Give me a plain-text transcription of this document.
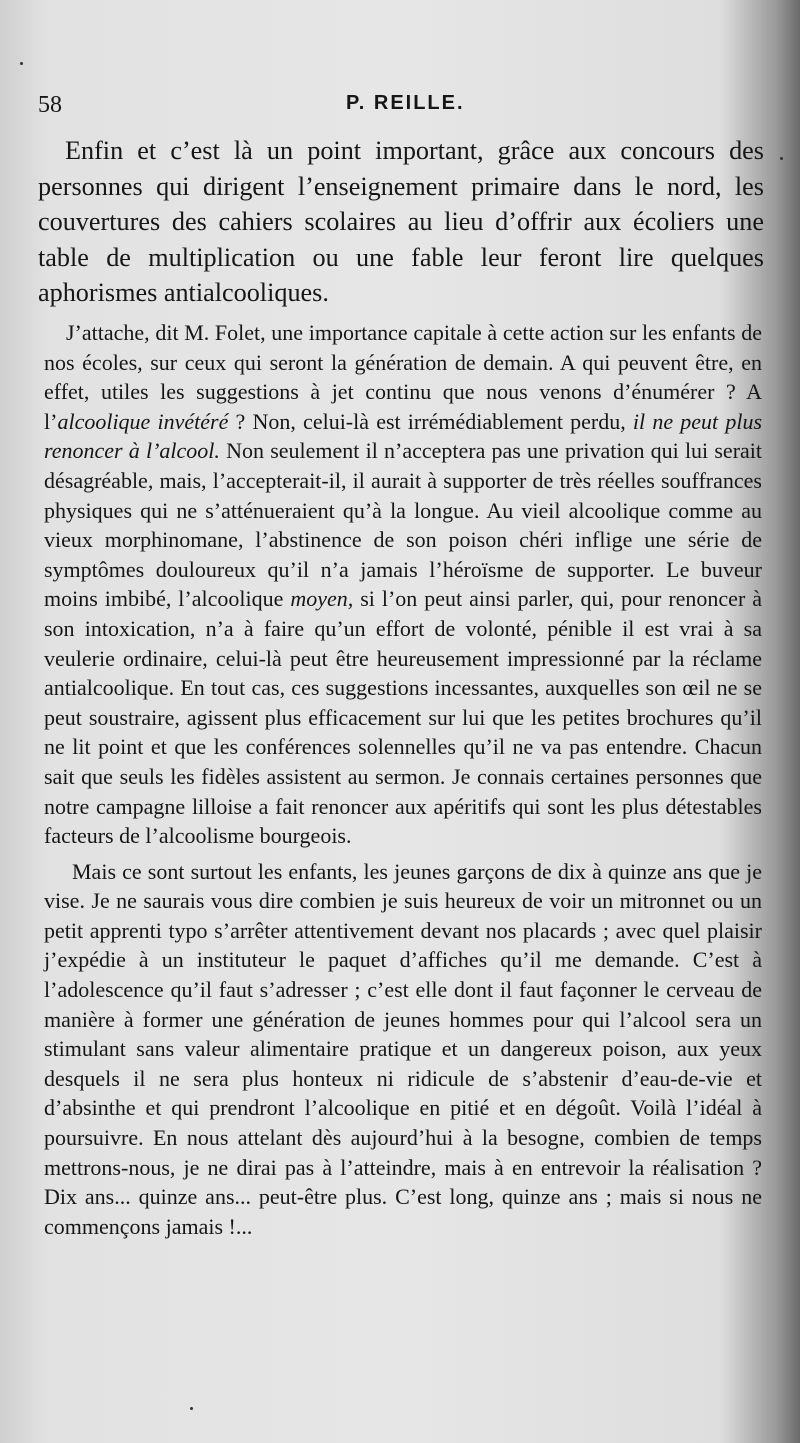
58	P. REILLE.

Enfin et c’est là un point important, grâce aux concours des personnes qui dirigent l’enseignement primaire dans le nord, les couvertures des cahiers scolaires au lieu d’offrir aux écoliers une table de multiplication ou une fable leur feront lire quelques aphorismes antialcooliques.

J’attache, dit M. Folet, une importance capitale à cette action sur les enfants de nos écoles, sur ceux qui seront la génération de demain. A qui peuvent être, en effet, utiles les suggestions à jet continu que nous venons d’énumérer ? A l’alcoolique invétéré ? Non, celui-là est irrémédiablement perdu, il ne peut plus renoncer à l’alcool. Non seulement il n’acceptera pas une privation qui lui serait désagréable, mais, l’accepterait-il, il aurait à supporter de très réelles souffrances physiques qui ne s’atténueraient qu’à la longue. Au vieil alcoolique comme au vieux morphinomane, l’abstinence de son poison chéri inflige une série de symptômes douloureux qu’il n’a jamais l’héroïsme de supporter. Le buveur moins imbibé, l’alcoolique moyen, si l’on peut ainsi parler, qui, pour renoncer à son intoxication, n’a à faire qu’un effort de volonté, pénible il est vrai à sa veulerie ordinaire, celui-là peut être heureusement impressionné par la réclame antialcoolique. En tout cas, ces suggestions incessantes, auxquelles son œil ne se peut soustraire, agissent plus efficacement sur lui que les petites brochures qu’il ne lit point et que les conférences solennelles qu’il ne va pas entendre. Chacun sait que seuls les fidèles assistent au sermon. Je connais certaines personnes que notre campagne lilloise a fait renoncer aux apéritifs qui sont les plus détestables facteurs de l’alcoolisme bourgeois.

Mais ce sont surtout les enfants, les jeunes garçons de dix à quinze ans que je vise. Je ne saurais vous dire combien je suis heureux de voir un mitronnet ou un petit apprenti typo s’arrêter attentivement devant nos placards ; avec quel plaisir j’expédie à un instituteur le paquet d’affiches qu’il me demande. C’est à l’adolescence qu’il faut s’adresser ; c’est elle dont il faut façonner le cerveau de manière à former une génération de jeunes hommes pour qui l’alcool sera un stimulant sans valeur alimentaire pratique et un dangereux poison, aux yeux desquels il ne sera plus honteux ni ridicule de s’abstenir d’eau-de-vie et d’absinthe et qui prendront l’alcoolique en pitié et en dégoût. Voilà l’idéal à poursuivre. En nous attelant dès aujourd’hui à la besogne, combien de temps mettrons-nous, je ne dirai pas à l’atteindre, mais à en entrevoir la réalisation ? Dix ans... quinze ans... peut-être plus. C’est long, quinze ans ; mais si nous ne commençons jamais !...
